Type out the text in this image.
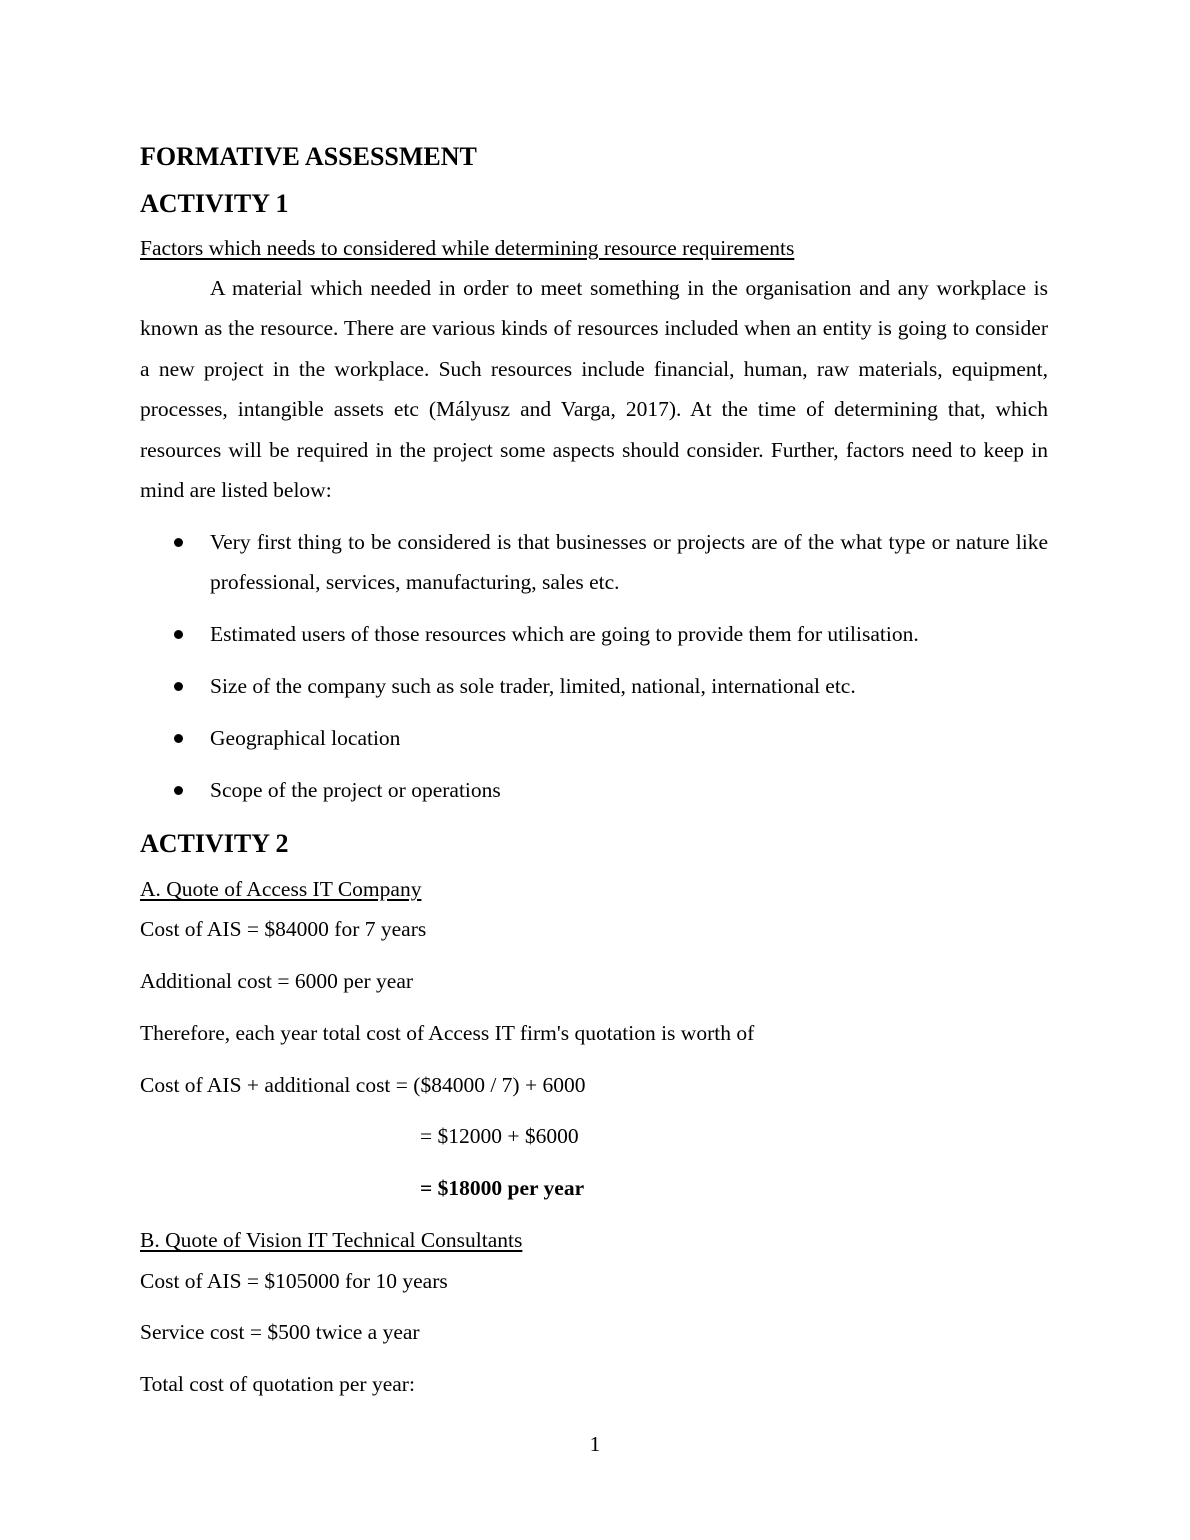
FORMATIVE ASSESSMENT
ACTIVITY 1
Factors which needs to considered while determining resource requirements
A material which needed in order to meet something in the organisation and any workplace is known as the resource. There are various kinds of resources included when an entity is going to consider a new project in the workplace. Such resources include financial, human, raw materials, equipment, processes, intangible assets etc (Mályusz and Varga, 2017). At the time of determining that, which resources will be required in the project some aspects should consider. Further, factors need to keep in mind are listed below:
Very first thing to be considered is that businesses or projects are of the what type or nature like professional, services, manufacturing, sales etc.
Estimated users of those resources which are going to provide them for utilisation.
Size of the company such as sole trader, limited, national, international etc.
Geographical location
Scope of the project or operations
ACTIVITY 2
A. Quote of Access IT Company
Cost of AIS = $84000 for 7 years
Additional cost = 6000 per year
Therefore, each year total cost of Access IT firm's quotation is worth of
Cost of AIS + additional cost = ($84000 / 7) + 6000
= $12000 + $6000
= $18000 per year
B. Quote of Vision IT Technical Consultants
Cost of AIS = $105000 for 10 years
Service cost = $500 twice a year
Total cost of quotation per year:
1
